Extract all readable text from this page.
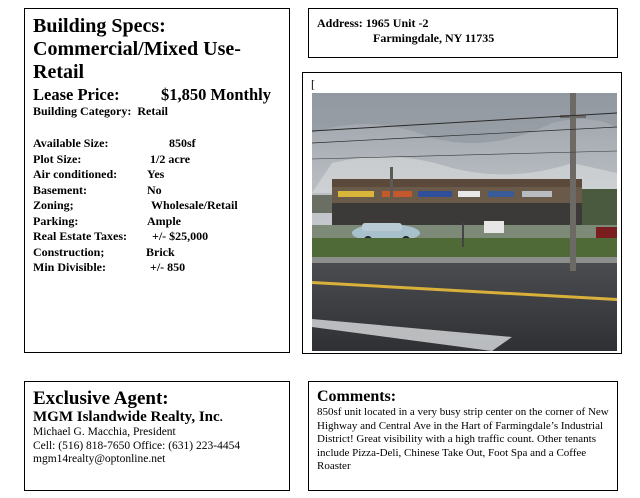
Building Specs:
Commercial/Mixed Use-
Retail
Lease Price:	$1,850 Monthly
Building Category: Retail
Available Size:	850sf
Plot Size:	1/2 acre
Air conditioned: Yes
Basement:	No
Zoning;	Wholesale/Retail
Parking:	Ample
Real Estate Taxes: +/- $25,000
Construction;	Brick
Min Divisible:	+/- 850
Address: 1965 Unit -2
Farmingdale, NY 11735
[
Exclusive Agent:
MGM Islandwide Realty, Inc.
Michael G. Macchia, President
Cell: (516) 818-7650 Office: (631) 223-4454
mgm14realty@optonline.net
Comments:
850sf unit located in a very busy strip center on the corner of New Highway and Central Ave in the Hart of Farmingdale’s Industrial District! Great visibility with a high traffic count. Other tenants include Pizza-Deli, Chinese Take Out, Foot Spa and a Coffee Roaster
